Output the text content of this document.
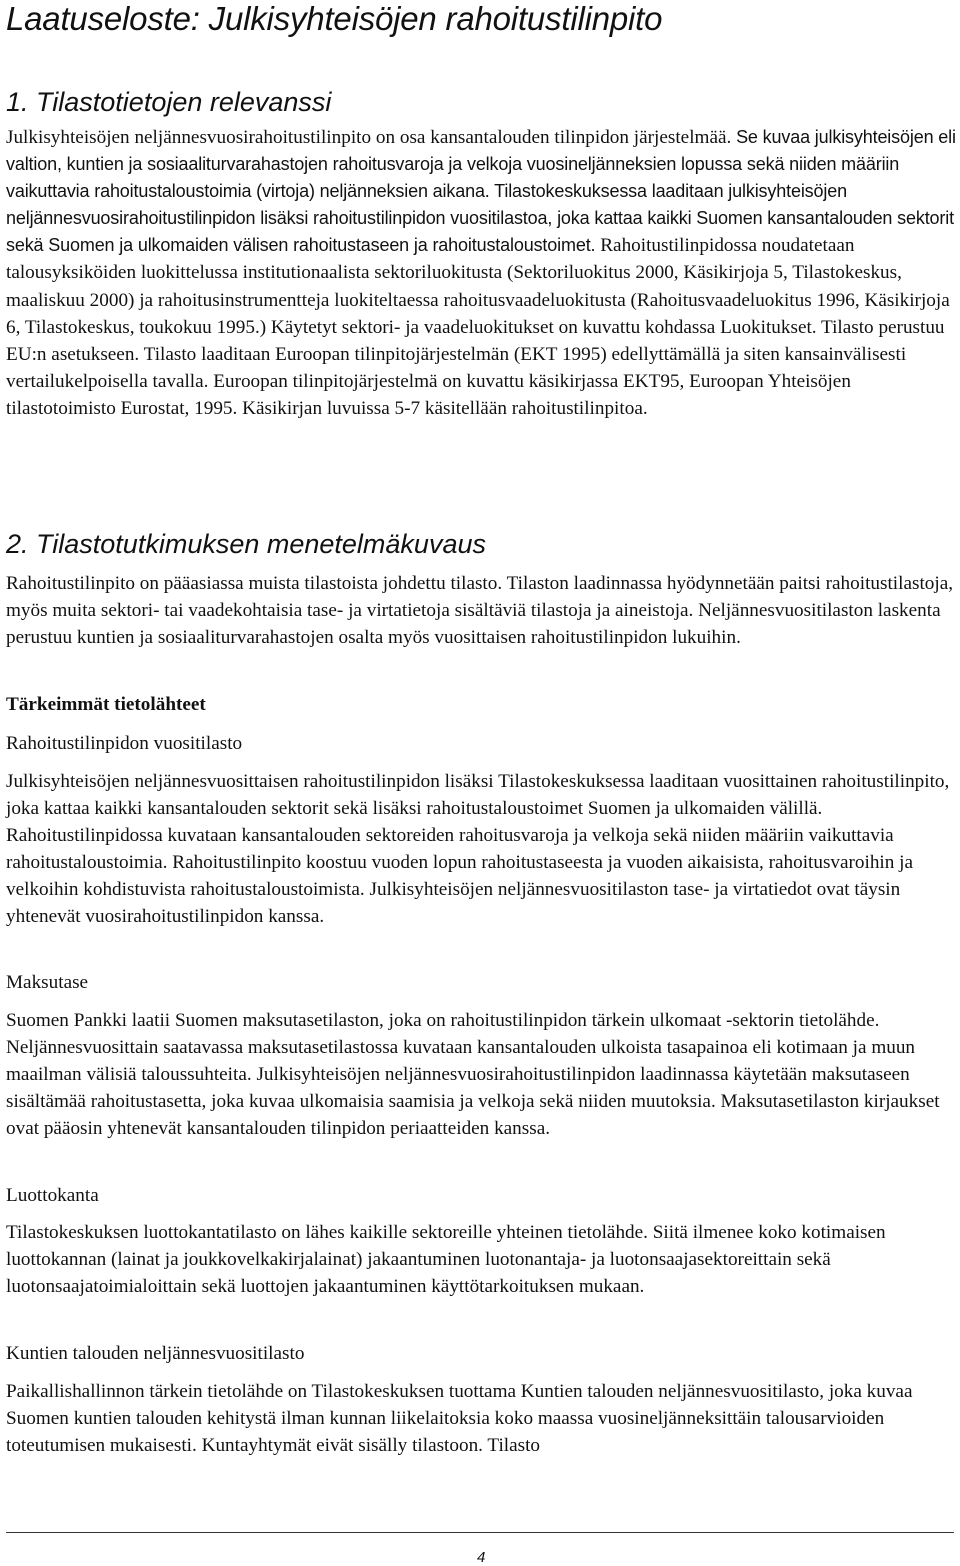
Laatuseloste: Julkisyhteisöjen rahoitustilinpito
1. Tilastotietojen relevanssi

Julkisyhteisöjen neljännesvuosirahoitustilinpito on osa kansantalouden tilinpidon järjestelmää. Se kuvaa julkisyhteisöjen eli valtion, kuntien ja sosiaaliturvarahastojen rahoitusvaroja ja velkoja vuosineljänneksien lopussa sekä niiden määriin vaikuttavia rahoitustaloustoimia (virtoja) neljänneksien aikana. Tilastokeskuksessa laaditaan julkisyhteisöjen neljännesvuosirahoitustilinpidon lisäksi rahoitustilinpidon vuositilastoa, joka kattaa kaikki Suomen kansantalouden sektorit sekä Suomen ja ulkomaiden välisen rahoitustaseen ja rahoitustaloustoimet. Rahoitustilinpidossa noudatetaan talousyksiköiden luokittelussa institutionaalista sektoriluokitusta (Sektoriluokitus 2000, Käsikirjoja 5, Tilastokeskus, maaliskuu 2000) ja rahoitusinstrumentteja luokiteltaessa rahoitusvaadeluokitusta (Rahoitusvaadeluokitus 1996, Käsikirjoja 6, Tilastokeskus, toukokuu 1995.) Käytetyt sektori- ja vaadeluokitukset on kuvattu kohdassa Luokitukset. Tilasto perustuu EU:n asetukseen. Tilasto laaditaan Euroopan tilinpitojärjestelmän (EKT 1995) edellyttämällä ja siten kansainvälisesti vertailukelpoisella tavalla. Euroopan tilinpitojärjestelmä on kuvattu käsikirjassa EKT95, Euroopan Yhteisöjen tilastotoimisto Eurostat, 1995. Käsikirjan luvuissa 5-7 käsitellään rahoitustilinpitoa.

2. Tilastotutkimuksen menetelmäkuvaus

Rahoitustilinpito on pääasiassa muista tilastoista johdettu tilasto. Tilaston laadinnassa hyödynnetään paitsi rahoitustilastoja, myös muita sektori- tai vaadekohtaisia tase- ja virtatietoja sisältäviä tilastoja ja aineistoja. Neljännesvuositilaston laskenta perustuu kuntien ja sosiaaliturvarahastojen osalta myös vuosittaisen rahoitustilinpidon lukuihin.

Tärkeimmät tietolähteet
Rahoitustilinpidon vuositilasto

Julkisyhteisöjen neljännesvuosittaisen rahoitustilinpidon lisäksi Tilastokeskuksessa laaditaan vuosittainen rahoitustilinpito, joka kattaa kaikki kansantalouden sektorit sekä lisäksi rahoitustaloustoimet Suomen ja ulkomaiden välillä. Rahoitustilinpidossa kuvataan kansantalouden sektoreiden rahoitusvaroja ja velkoja sekä niiden määriin vaikuttavia rahoitustaloustoimia. Rahoitustilinpito koostuu vuoden lopun rahoitustaseesta ja vuoden aikaisista, rahoitusvaroihin ja velkoihin kohdistuvista rahoitustaloustoimista. Julkisyhteisöjen neljännesvuositilaston tase- ja virtatiedot ovat täysin yhtenevät vuosirahoitustilinpidon kanssa.

Maksutase

Suomen Pankki laatii Suomen maksutasetilaston, joka on rahoitustilinpidon tärkein ulkomaat -sektorin tietolähde. Neljännesvuosittain saatavassa maksutasetilastossa kuvataan kansantalouden ulkoista tasapainoa eli kotimaan ja muun maailman välisiä taloussuhteita. Julkisyhteisöjen neljännesvuosirahoitustilinpidon laadinnassa käytetään maksutaseen sisältämää rahoitustasetta, joka kuvaa ulkomaisia saamisia ja velkoja sekä niiden muutoksia. Maksutasetilaston kirjaukset ovat pääosin yhtenevät kansantalouden tilinpidon periaatteiden kanssa.

Luottokanta

Tilastokeskuksen luottokantatilasto on lähes kaikille sektoreille yhteinen tietolähde. Siitä ilmenee koko kotimaisen luottokannan (lainat ja joukkovelkakirjalainat) jakaantuminen luotonantaja- ja luotonsaajasektoreittain sekä luotonsaajatoimialoittain sekä luottojen jakaantuminen käyttötarkoituksen mukaan.

Kuntien talouden neljännesvuositilasto

Paikallishallinnon tärkein tietolähde on Tilastokeskuksen tuottama Kuntien talouden neljännesvuositilasto, joka kuvaa Suomen kuntien talouden kehitystä ilman kunnan liikelaitoksia koko maassa vuosineljänneksittäin talousarvioiden toteutumisen mukaisesti. Kuntayhtymät eivät sisälly tilastoon. Tilasto

4
